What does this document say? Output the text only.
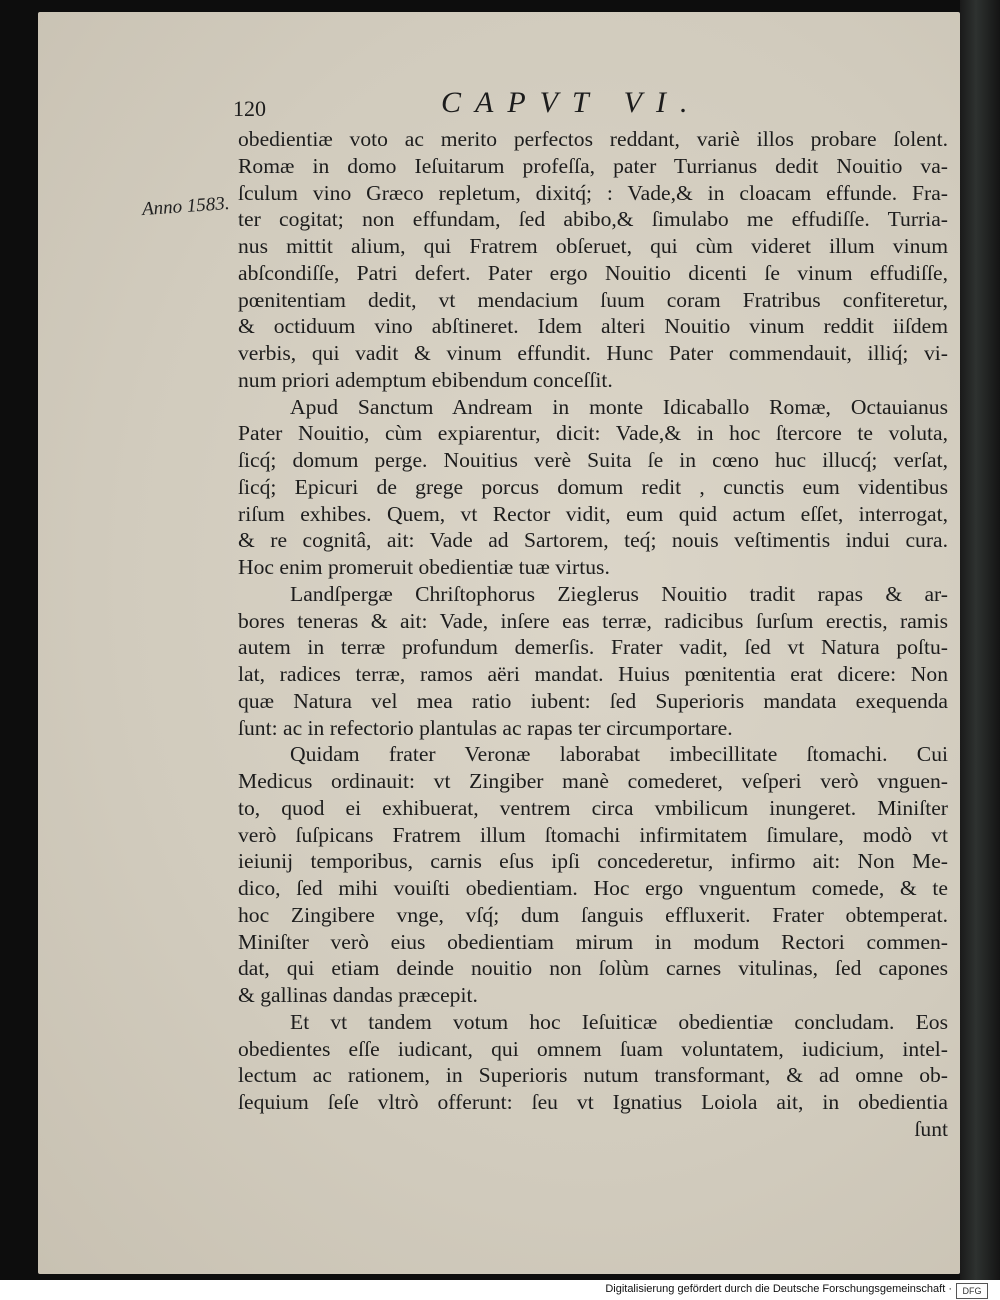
120	CAPVT VI.
Anno 1583.
obedientiæ voto ac merito perfectos reddant, variè illos probare ſolent.
Romæ in domo Ieſuitarum profeſſa, pater Turrianus dedit Nouitio va-
ſculum vino Græco repletum, dixitq́; : Vade,& in cloacam effunde. Fra-
ter cogitat; non effundam, ſed abibo,& ſimulabo me effudiſſe. Turria-
nus mittit alium, qui Fratrem obſeruet, qui cùm videret illum vinum
abſcondiſſe, Patri defert. Pater ergo Nouitio dicenti ſe vinum effudiſſe,
pœnitentiam dedit, vt mendacium ſuum coram Fratribus confiteretur,
& octiduum vino abſtineret. Idem alteri Nouitio vinum reddit iiſdem
verbis, qui vadit & vinum effundit. Hunc Pater commendauit, illiq́; vi-
num priori ademptum ebibendum conceſſit.
Apud Sanctum Andream in monte Idicaballo Romæ, Octauianus
Pater Nouitio, cùm expiarentur, dicit: Vade,& in hoc ſtercore te voluta,
ſicq́; domum perge. Nouitius verè Suita ſe in cœno huc illucq́; verſat,
ſicq́; Epicuri de grege porcus domum redit , cunctis eum videntibus
riſum exhibes. Quem, vt Rector vidit, eum quid actum eſſet, interrogat,
& re cognitâ, ait: Vade ad Sartorem, teq́; nouis veſtimentis indui cura.
Hoc enim promeruit obedientiæ tuæ virtus.
Landſpergæ Chriſtophorus Zieglerus Nouitio tradit rapas & ar-
bores teneras & ait: Vade, inſere eas terræ, radicibus ſurſum erectis, ramis
autem in terræ profundum demerſis. Frater vadit, ſed vt Natura poſtu-
lat, radices terræ, ramos aëri mandat. Huius pœnitentia erat dicere: Non
quæ Natura vel mea ratio iubent: ſed Superioris mandata exequenda
ſunt: ac in refectorio plantulas ac rapas ter circumportare.
Quidam frater Veronæ laborabat imbecillitate ſtomachi. Cui
Medicus ordinauit: vt Zingiber manè comederet, veſperi verò vnguen-
to, quod ei exhibuerat, ventrem circa vmbilicum inungeret. Miniſter
verò ſuſpicans Fratrem illum ſtomachi infirmitatem ſimulare, modò vt
ieiunij temporibus, carnis eſus ipſi concederetur, infirmo ait: Non Me-
dico, ſed mihi vouiſti obedientiam. Hoc ergo vnguentum comede, & te
hoc Zingibere vnge, vſq́; dum ſanguis effluxerit. Frater obtemperat.
Miniſter verò eius obedientiam mirum in modum Rectori commen-
dat, qui etiam deinde nouitio non ſolùm carnes vitulinas, ſed capones
& gallinas dandas præcepit.
Et vt tandem votum hoc Ieſuiticæ obedientiæ concludam. Eos
obedientes eſſe iudicant, qui omnem ſuam voluntatem, iudicium, intel-
lectum ac rationem, in Superioris nutum transformant, & ad omne ob-
ſequium ſeſe vltrò offerunt: ſeu vt Ignatius Loiola ait, in obedientia
ſunt
Digitalisierung gefördert durch die Deutsche Forschungsgemeinschaft ·	DFG
